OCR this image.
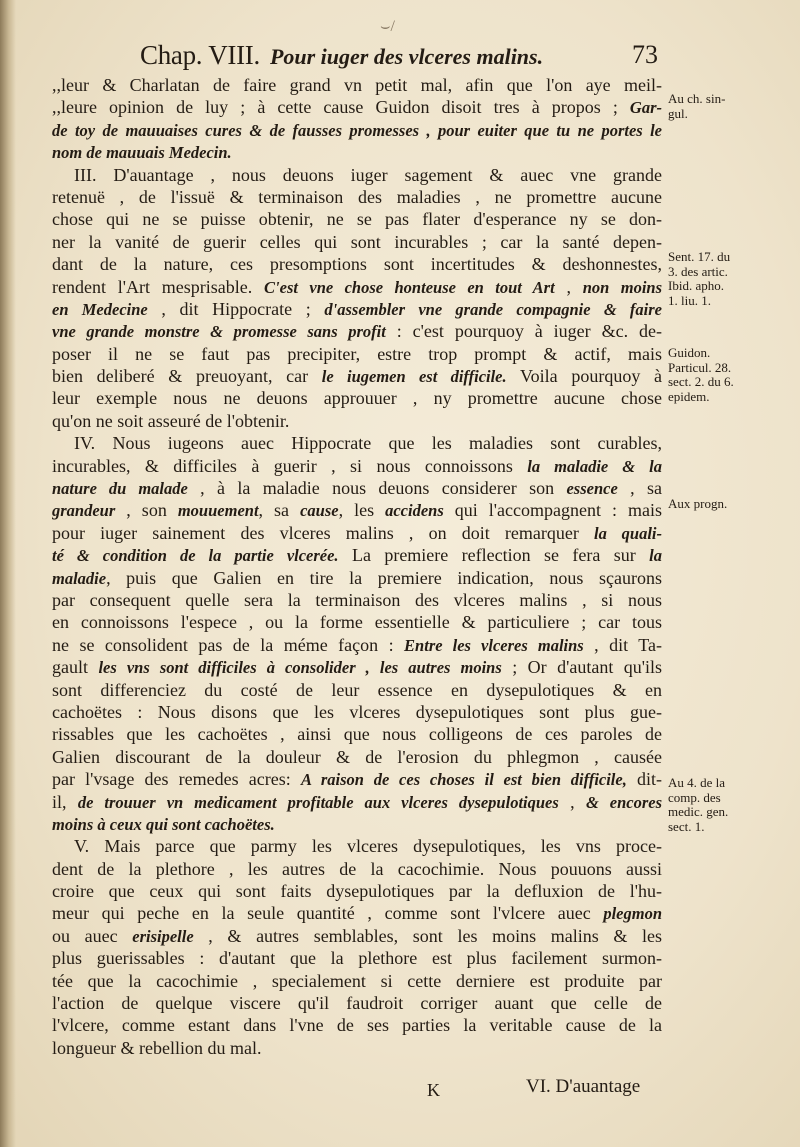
⌣/
Chap. VIII. Pour iuger des vlceres malins.	73
,,leur & Charlatan de faire grand vn petit mal, afin que l'on aye meil-
,,leure opinion de luy ; à cette cause Guidon disoit tres à propos ; Gar-
de toy de mauuaises cures & de fausses promesses , pour euiter que tu ne portes le
nom de mauuais Medecin.
III. D'auantage , nous deuons iuger sagement & auec vne grande
retenuë , de l'issuë & terminaison des maladies , ne promettre aucune
chose qui ne se puisse obtenir, ne se pas flater d'esperance ny se don-
ner la vanité de guerir celles qui sont incurables ; car la santé depen-
dant de la nature, ces presomptions sont incertitudes & deshonnestes,
rendent l'Art mesprisable. C'est vne chose honteuse en tout Art , non moins
en Medecine , dit Hippocrate ; d'assembler vne grande compagnie & faire
vne grande monstre & promesse sans profit : c'est pourquoy à iuger &c. de-
poser il ne se faut pas precipiter, estre trop prompt & actif, mais
bien deliberé & preuoyant, car le iugemen est difficile. Voila pourquoy à
leur exemple nous ne deuons approuuer , ny promettre aucune chose
qu'on ne soit asseuré de l'obtenir.
IV. Nous iugeons auec Hippocrate que les maladies sont curables,
incurables, & difficiles à guerir , si nous connoissons la maladie & la
nature du malade , à la maladie nous deuons considerer son essence , sa
grandeur , son mouuement, sa cause, les accidens qui l'accompagnent : mais
pour iuger sainement des vlceres malins , on doit remarquer la quali-
té & condition de la partie vlcerée. La premiere reflection se fera sur la
maladie, puis que Galien en tire la premiere indication, nous sçaurons
par consequent quelle sera la terminaison des vlceres malins , si nous
en connoissons l'espece , ou la forme essentielle & particuliere ; car tous
ne se consolident pas de la méme façon : Entre les vlceres malins , dit Ta-
gault les vns sont difficiles à consolider , les autres moins ; Or d'autant qu'ils
sont differenciez du costé de leur essence en dysepulotiques & en
cachoëtes : Nous disons que les vlceres dysepulotiques sont plus gue-
rissables que les cachoëtes , ainsi que nous colligeons de ces paroles de
Galien discourant de la douleur & de l'erosion du phlegmon , causée
par l'vsage des remedes acres: A raison de ces choses il est bien difficile, dit-
il, de trouuer vn medicament profitable aux vlceres dysepulotiques , & encores
moins à ceux qui sont cachoëtes.
V. Mais parce que parmy les vlceres dysepulotiques, les vns proce-
dent de la plethore , les autres de la cacochimie. Nous pouuons aussi
croire que ceux qui sont faits dysepulotiques par la defluxion de l'hu-
meur qui peche en la seule quantité , comme sont l'vlcere auec plegmon
ou auec erisipelle , & autres semblables, sont les moins malins & les
plus guerissables : d'autant que la plethore est plus facilement surmon-
tée que la cacochimie , specialement si cette derniere est produite par
l'action de quelque viscere qu'il faudroit corriger auant que celle de
l'vlcere, comme estant dans l'vne de ses parties la veritable cause de la
longueur & rebellion du mal.
Au ch. sin-
gul.
Sent. 17. du
3. des artic.
Ibid. apho.
1. liu. 1.
Guidon.
Particul. 28.
sect. 2. du 6.
epidem.
Aux progn.
Au 4. de la
comp. des
medic. gen.
sect. 1.
K	VI. D'auantage
